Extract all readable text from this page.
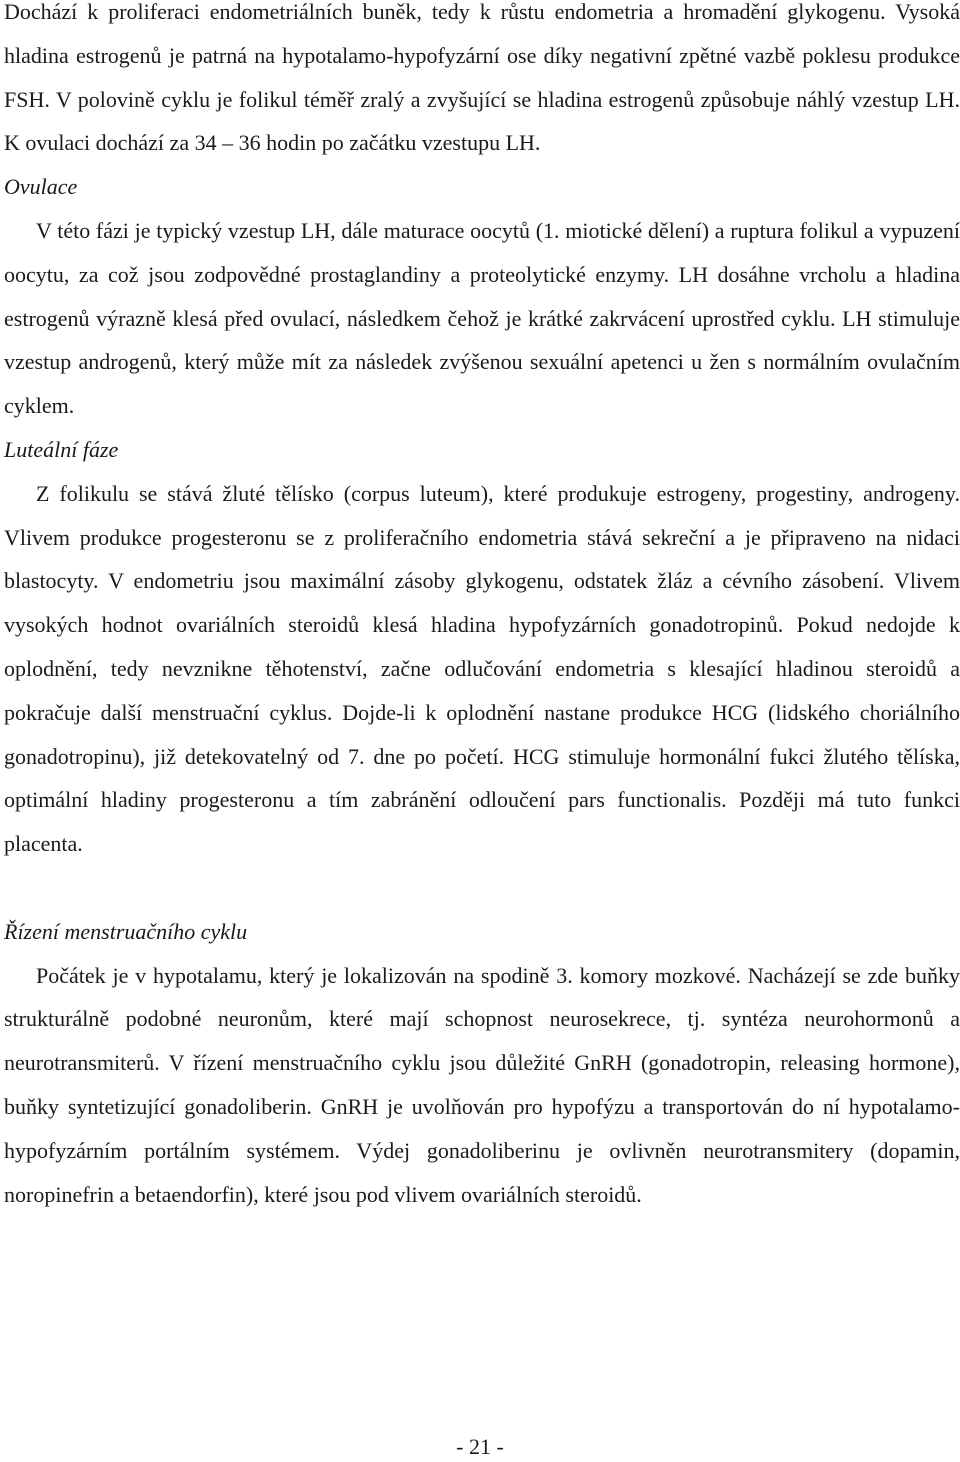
Dochází k proliferaci endometriálních buněk, tedy k růstu endometria a hromadění glykogenu. Vysoká hladina estrogenů je patrná na hypotalamo-hypofyzární ose díky negativní zpětné vazbě poklesu produkce FSH. V polovině cyklu je folikul téměř zralý a zvyšující se hladina estrogenů způsobuje náhlý vzestup LH. K ovulaci dochází za 34 – 36 hodin po začátku vzestupu LH.

Ovulace

V této fázi je typický vzestup LH, dále maturace oocytů (1. miotické dělení) a ruptura folikul a vypuzení oocytu, za což jsou zodpovědné prostaglandiny a proteolytické enzymy. LH dosáhne vrcholu a hladina estrogenů výrazně klesá před ovulací, následkem čehož je krátké zakrvácení uprostřed cyklu. LH stimuluje vzestup androgenů, který může mít za následek zvýšenou sexuální apetenci u žen s normálním ovulačním cyklem.

Luteální fáze

Z folikulu se stává žluté tělísko (corpus luteum), které produkuje estrogeny, progestiny, androgeny. Vlivem produkce progesteronu se z proliferačního endometria stává sekreční a je připraveno na nidaci blastocyty. V endometriu jsou maximální zásoby glykogenu, odstatek žláz a cévního zásobení. Vlivem vysokých hodnot ovariálních steroidů klesá hladina hypofyzárních gonadotropinů. Pokud nedojde k oplodnění, tedy nevznikne těhotenství, začne odlučování endometria s klesající hladinou steroidů a pokračuje další menstruační cyklus. Dojde-li k oplodnění nastane produkce HCG (lidského choriálního gonadotropinu), již detekovatelný od 7. dne po početí. HCG stimuluje hormonální fukci žlutého tělíska, optimální hladiny progesteronu a tím zabránění odloučení pars functionalis. Později má tuto funkci placenta.

Řízení menstruačního cyklu

Počátek je v hypotalamu, který je lokalizován na spodině 3. komory mozkové. Nacházejí se zde buňky strukturálně podobné neuronům, které mají schopnost neurosekrece, tj. syntéza neurohormonů a neurotransmiterů. V řízení menstruačního cyklu jsou důležité GnRH (gonadotropin, releasing hormone), buňky syntetizující gonadoliberin. GnRH je uvolňován pro hypofýzu a transportován do ní hypotalamo-hypofyzárním portálním systémem. Výdej gonadoliberinu je ovlivněn neurotransmitery (dopamin, noropinefrin a betaendorfin), které jsou pod vlivem ovariálních steroidů.

- 21 -
